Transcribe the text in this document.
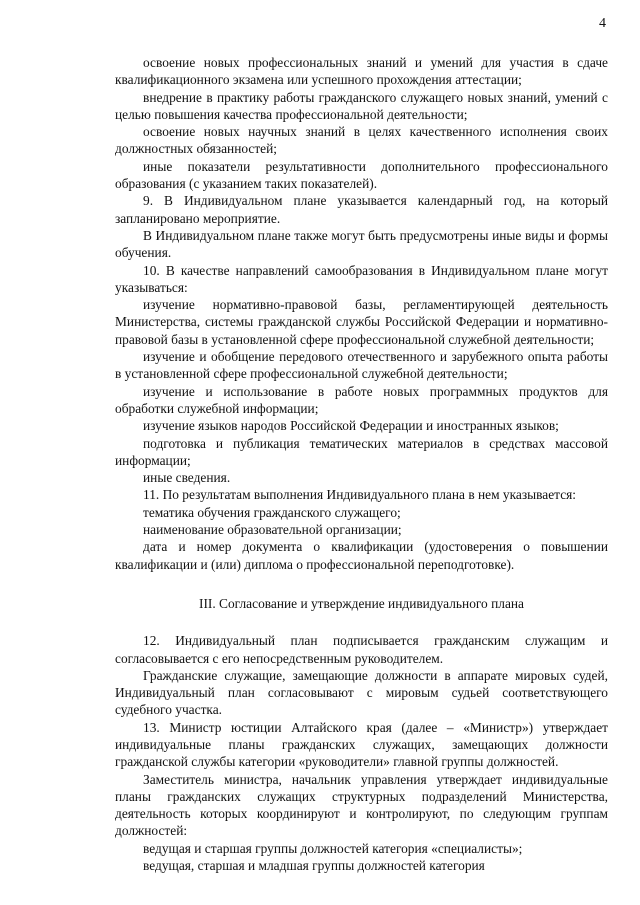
4

освоение новых профессиональных знаний и умений для участия в сдаче квалификационного экзамена или успешного прохождения аттестации;

внедрение в практику работы гражданского служащего новых знаний, умений с целью повышения качества профессиональной деятельности;

освоение новых научных знаний в целях качественного исполнения своих должностных обязанностей;

иные показатели результативности дополнительного профессионального образования (с указанием таких показателей).

9. В Индивидуальном плане указывается календарный год, на который запланировано мероприятие.

В Индивидуальном плане также могут быть предусмотрены иные виды и формы обучения.

10. В качестве направлений самообразования в Индивидуальном плане могут указываться:

изучение нормативно-правовой базы, регламентирующей деятельность Министерства, системы гражданской службы Российской Федерации и нормативно-правовой базы в установленной сфере профессиональной служебной деятельности;

изучение и обобщение передового отечественного и зарубежного опыта работы в установленной сфере профессиональной служебной деятельности;

изучение и использование в работе новых программных продуктов для обработки служебной информации;

изучение языков народов Российской Федерации и иностранных языков;

подготовка и публикация тематических материалов в средствах массовой информации;

иные сведения.

11. По результатам выполнения Индивидуального плана в нем указывается:

тематика обучения гражданского служащего;

наименование образовательной организации;

дата и номер документа о квалификации (удостоверения о повышении квалификации и (или) диплома о профессиональной переподготовке).

III. Согласование и утверждение индивидуального плана

12. Индивидуальный план подписывается гражданским служащим и согласовывается с его непосредственным руководителем.

Гражданские служащие, замещающие должности в аппарате мировых судей, Индивидуальный план согласовывают с мировым судьей соответствующего судебного участка.

13. Министр юстиции Алтайского края (далее – «Министр») утверждает индивидуальные планы гражданских служащих, замещающих должности гражданской службы категории «руководители» главной группы должностей.

Заместитель министра, начальник управления утверждает индивидуальные планы гражданских служащих структурных подразделений Министерства, деятельность которых координируют и контролируют, по следующим группам должностей:

ведущая и старшая группы должностей категория «специалисты»;

ведущая, старшая и младшая группы должностей категория
